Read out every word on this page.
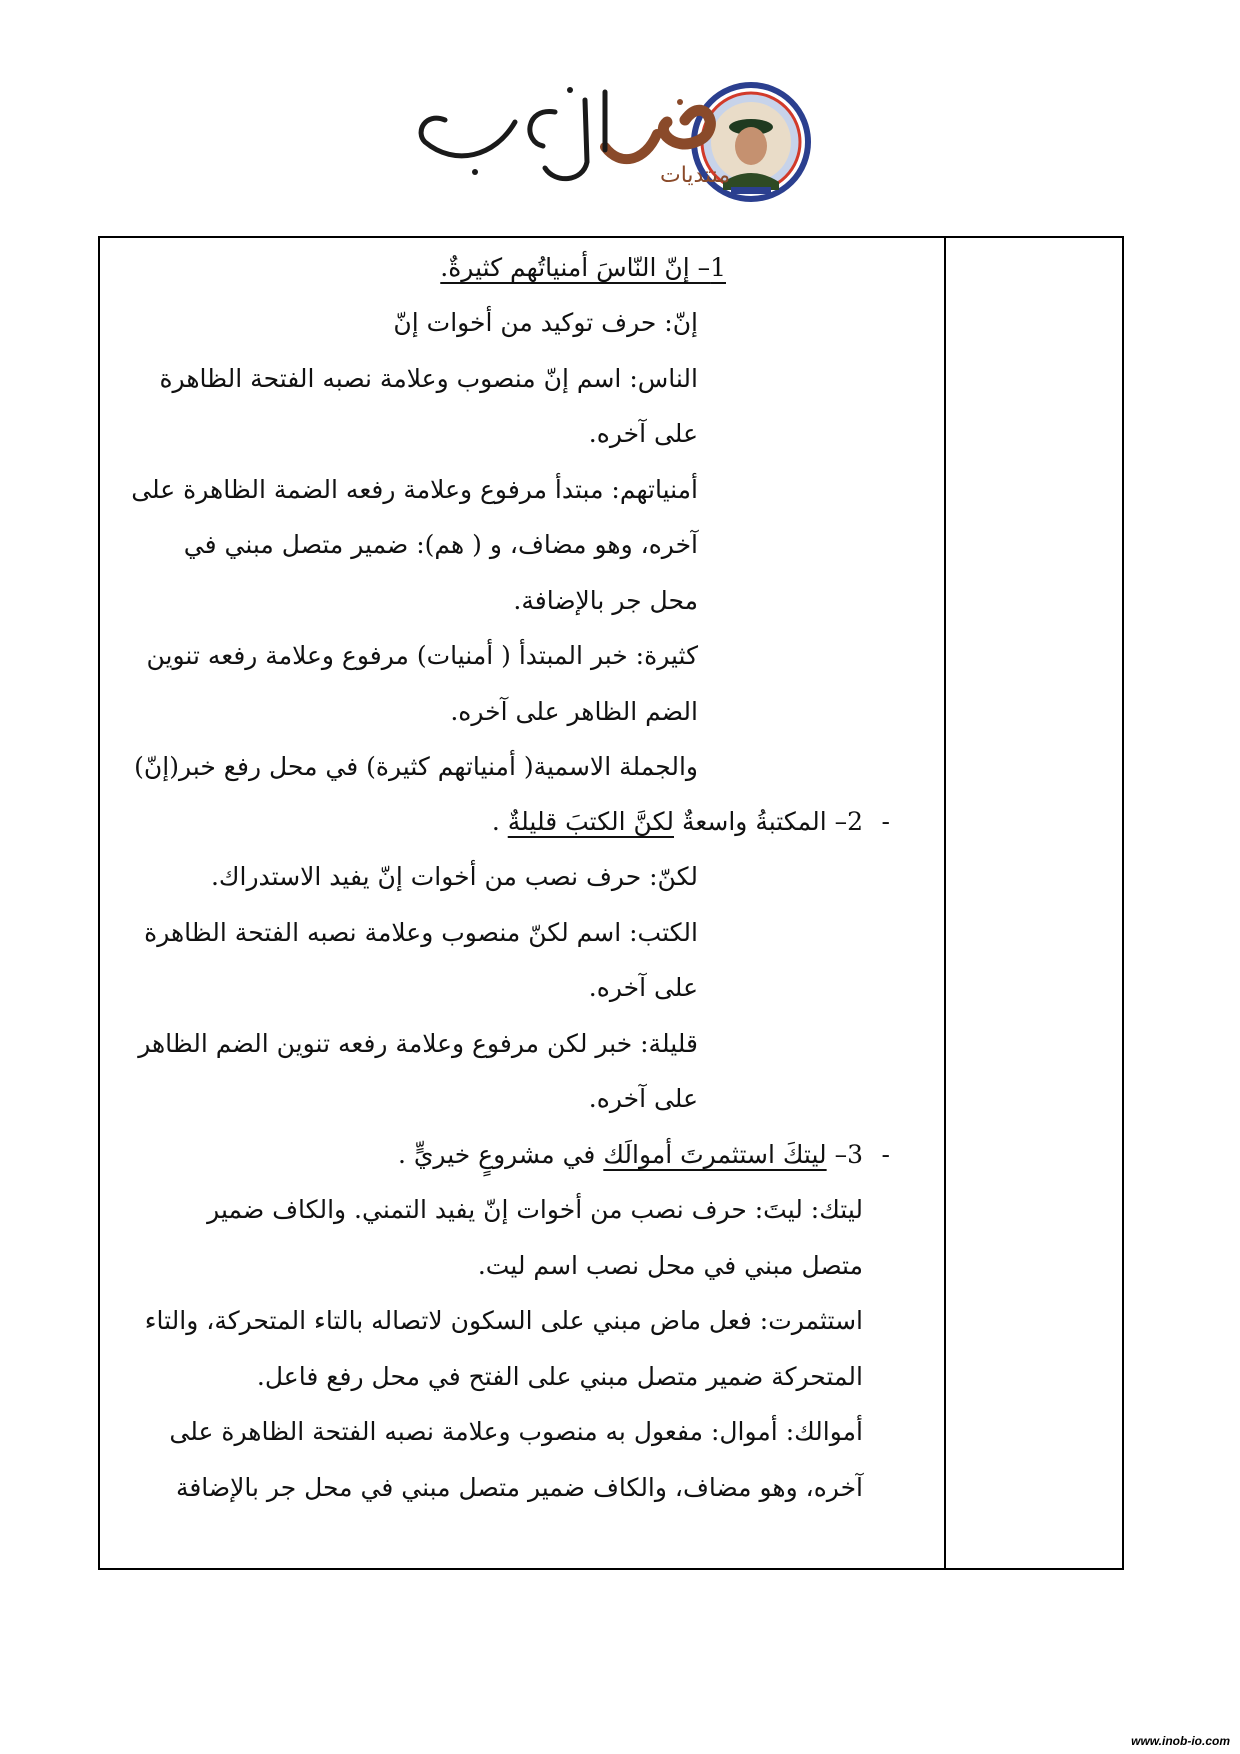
منتديات
صقر الجنوب
1– إنّ النّاسَ أمنياتُهم كثيرةٌ.
إنّ: حرف توكيد من أخوات إنّ
الناس: اسم إنّ منصوب وعلامة نصبه الفتحة الظاهرة
على آخره.
أمنياتهم: مبتدأ مرفوع وعلامة رفعه الضمة الظاهرة على
آخره، وهو مضاف، و ( هم): ضمير متصل مبني في
محل جر بالإضافة.
كثيرة: خبر المبتدأ ( أمنيات) مرفوع وعلامة رفعه تنوين
الضم الظاهر على آخره.
والجملة الاسمية( أمنياتهم كثيرة) في محل رفع خبر(إنّ)
-
2– المكتبةُ واسعةٌ لكنَّ الكتبَ قليلةٌ .
لكنّ: حرف نصب من أخوات إنّ يفيد الاستدراك.
الكتب: اسم لكنّ منصوب وعلامة نصبه الفتحة الظاهرة
على آخره.
قليلة: خبر لكن مرفوع وعلامة رفعه تنوين الضم الظاهر
على آخره.
-
3– ليتكَ استثمرتَ أموالَك في مشروعٍ خيريٍّ .
ليتك: ليتَ: حرف نصب من أخوات إنّ يفيد التمني. والكاف ضمير
متصل مبني في محل نصب اسم ليت.
استثمرت: فعل ماض مبني على السكون لاتصاله بالتاء المتحركة، والتاء
المتحركة ضمير متصل مبني على الفتح في محل رفع فاعل.
أموالك: أموال: مفعول به منصوب وعلامة نصبه الفتحة الظاهرة على
آخره، وهو مضاف، والكاف ضمير متصل مبني في محل جر بالإضافة
www.inob-io.com
